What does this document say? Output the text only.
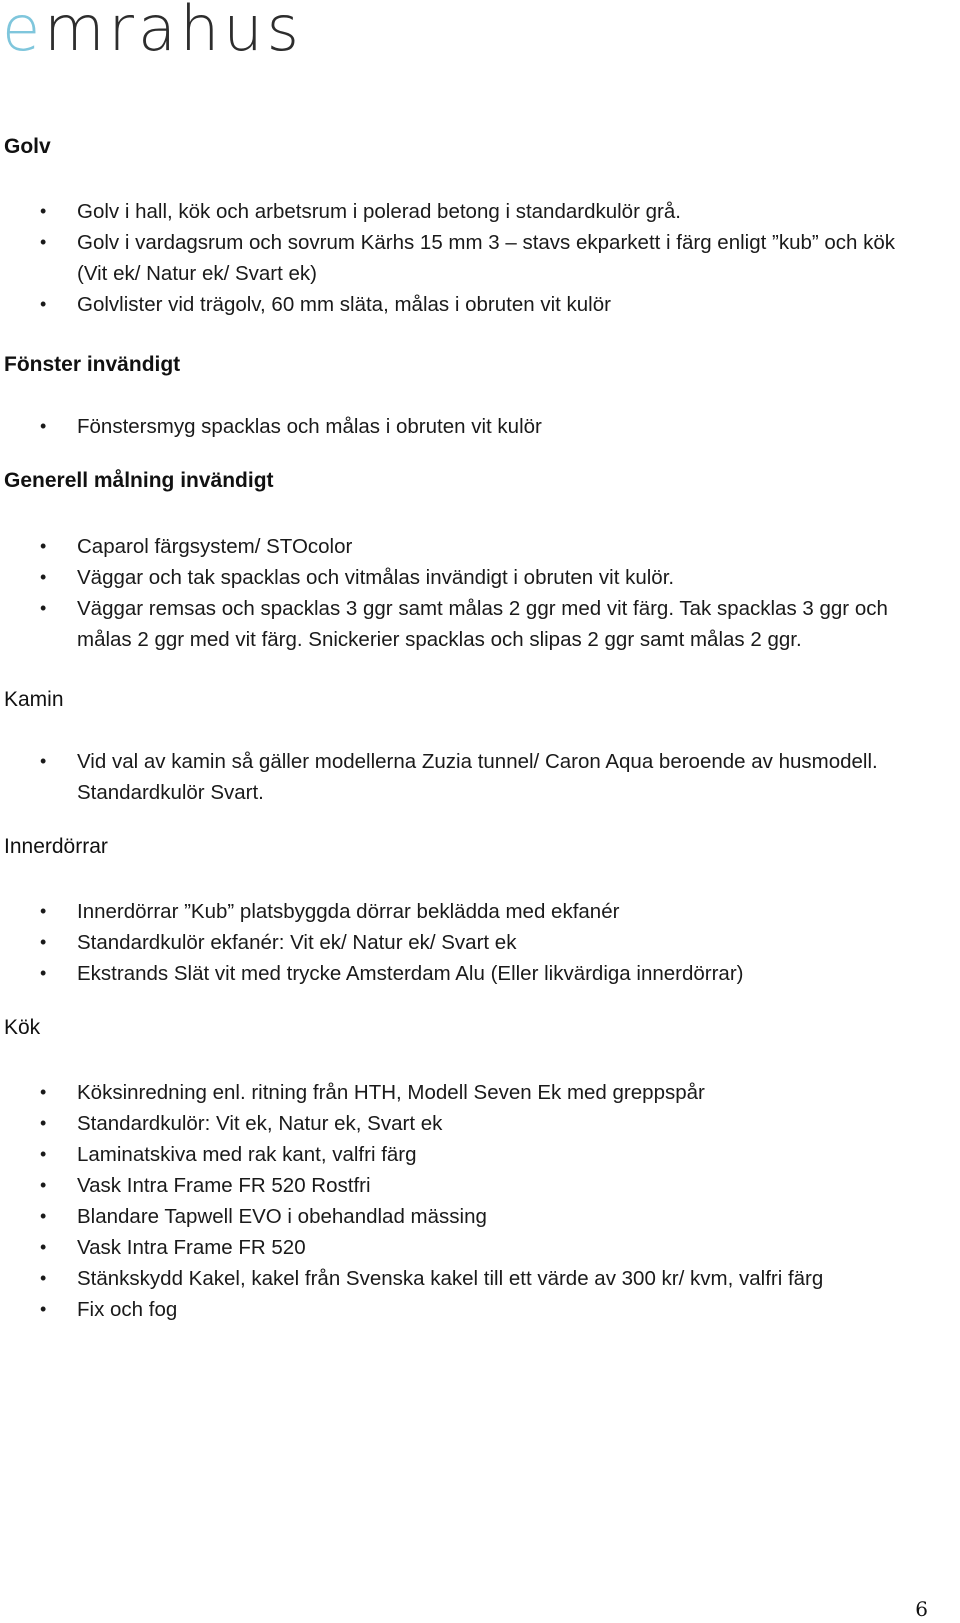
emrahus
Golv
• Golv i hall, kök och arbetsrum i polerad betong i standardkulör grå.
• Golv i vardagsrum och sovrum Kärhs 15 mm 3 – stavs ekparkett i färg enligt ”kub” och kök (Vit ek/ Natur ek/ Svart ek)
• Golvlister vid trägolv, 60 mm släta, målas i obruten vit kulör
Fönster invändigt
• Fönstersmyg spacklas och målas i obruten vit kulör
Generell målning invändigt
• Caparol färgsystem/ STOcolor
• Väggar och tak spacklas och vitmålas invändigt i obruten vit kulör.
• Väggar remsas och spacklas 3 ggr samt målas 2 ggr med vit färg. Tak spacklas 3 ggr och målas 2 ggr med vit färg. Snickerier spacklas och slipas 2 ggr samt målas 2 ggr.
Kamin
• Vid val av kamin så gäller modellerna Zuzia tunnel/ Caron Aqua beroende av husmodell. Standardkulör Svart.
Innerdörrar
• Innerdörrar ”Kub” platsbyggda dörrar beklädda med ekfanér
• Standardkulör ekfanér: Vit ek/ Natur ek/ Svart ek
• Ekstrands Slät vit med trycke Amsterdam Alu (Eller likvärdiga innerdörrar)
Kök
• Köksinredning enl. ritning från HTH, Modell Seven Ek med greppspår
• Standardkulör: Vit ek, Natur ek, Svart ek
• Laminatskiva med rak kant, valfri färg
• Vask Intra Frame FR 520 Rostfri
• Blandare Tapwell EVO i obehandlad mässing
• Vask Intra Frame FR 520
• Stänkskydd Kakel, kakel från Svenska kakel till ett värde av 300 kr/ kvm, valfri färg
• Fix och fog
6
